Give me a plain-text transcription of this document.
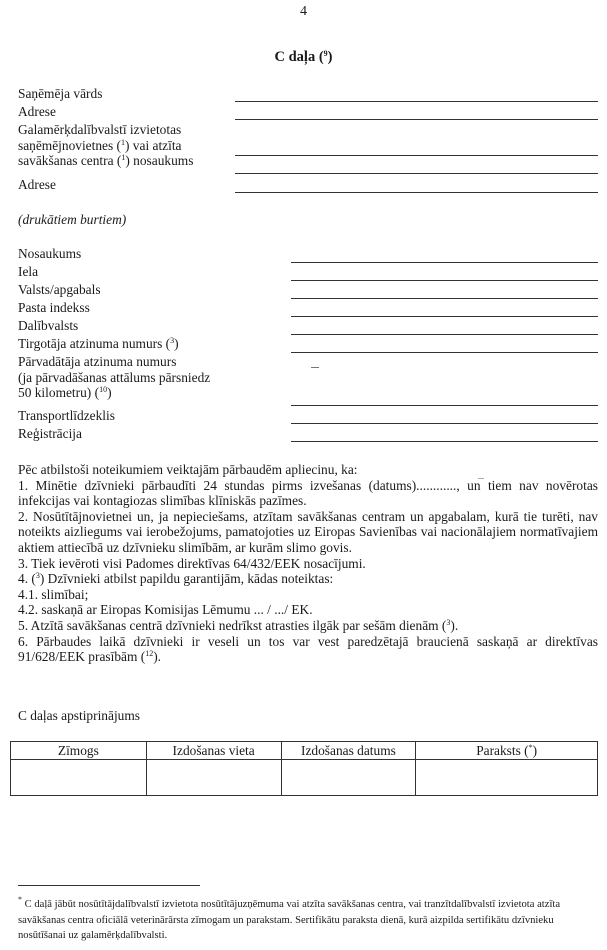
4
C daļa ($^9$)
Saņēmēja vārds
Adrese
Galamērķdalībvalstī izvietotas
saņēmējnovietnes ($^1$) vai atzīta
savākšanas centra ($^1$) nosaukums
Adrese
(drukātiem burtiem)
Nosaukums
Iela
Valsts/apgabals
Pasta indekss
Dalībvalsts
Tirgotāja atzinuma numurs ($^3$)
Pārvadātāja atzinuma numurs
(ja pārvadāšanas attālums pārsniedz
50 kilometru) ($^{10}$)
Transportlīdzeklis
Reģistrācija

Pēc atbilstoši noteikumiem veiktajām pārbaudēm apliecinu, ka:

1. Minētie dzīvnieki pārbaudīti 24 stundas pirms izvešanas (datums)............, un tiem nav novērotas infekcijas vai kontagiozas slimības klīniskās pazīmes.

2. Nosūtītājnovietnei un, ja nepieciešams, atzītam savākšanas centram un apgabalam, kurā tie turēti, nav noteikts aizliegums vai ierobežojums, pamatojoties uz Eiropas Savienības vai nacionālajiem normatīvajiem aktiem attiecībā uz dzīvnieku slimībām, ar kurām slimo govis.

3. Tiek ievēroti visi Padomes direktīvas 64/432/EEK nosacījumi.

4. ($^3$) Dzīvnieki atbilst papildu garantijām, kādas noteiktas:

4.1. slimībai;

4.2. saskaņā ar Eiropas Komisijas Lēmumu ... / .../ EK.

5. Atzītā savākšanas centrā dzīvnieki nedrīkst atrasties ilgāk par sešām dienām ($^3$).

6. Pārbaudes laikā dzīvnieki ir veseli un tos var vest paredzētajā braucienā saskaņā ar direktīvas 91/628/EEK prasībām ($^{12}$).

C daļas apstiprinājums
Zīmogs	Izdošanas vieta	Izdošanas datums	Paraksts (*)

* C daļā jābūt nosūtītājdalībvalstī izvietota nosūtītājuzņēmuma vai atzīta savākšanas centra, vai tranzītdalībvalstī izvietota atzīta savākšanas centra oficiālā veterinārārsta zīmogam un parakstam. Sertifikātu paraksta dienā, kurā aizpilda sertifikātu dzīvnieku nosūtīšanai uz galamērķdalībvalsti.
